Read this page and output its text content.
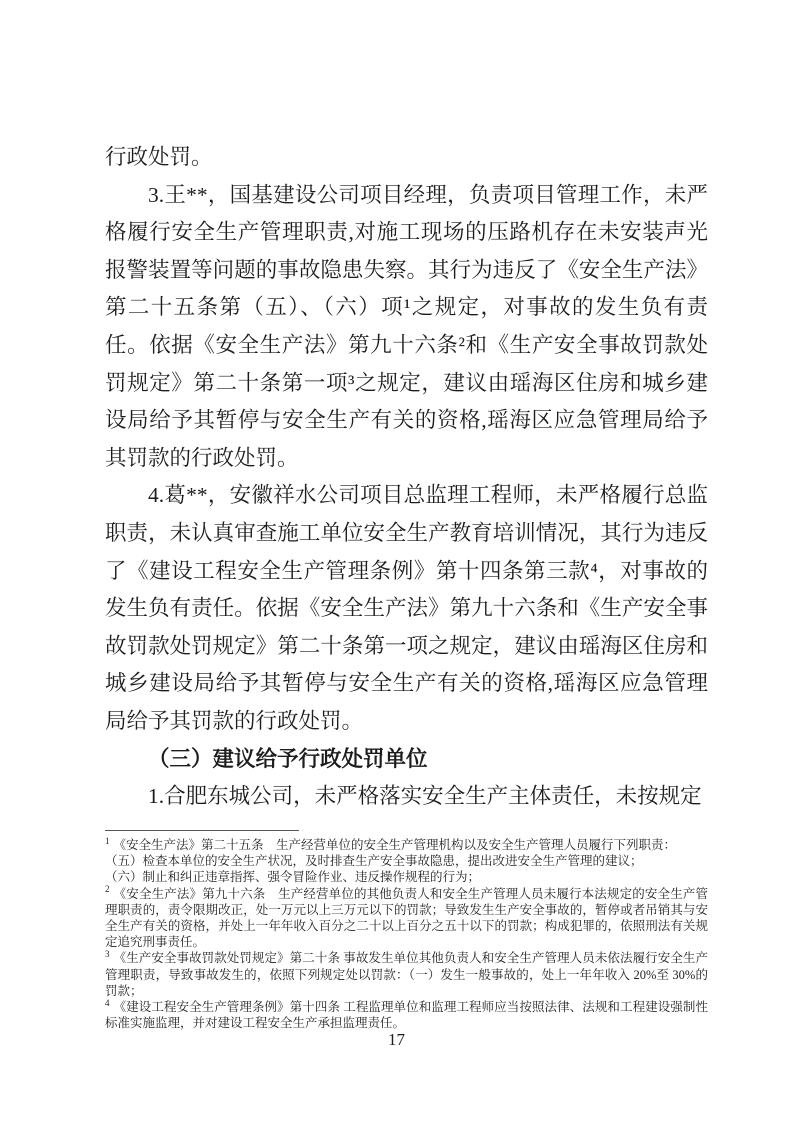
行政处罚。

3.王**，国基建设公司项目经理，负责项目管理工作，未严格履行安全生产管理职责,对施工现场的压路机存在未安装声光报警装置等问题的事故隐患失察。其行为违反了《安全生产法》第二十五条第（五）、（六）项¹之规定，对事故的发生负有责任。依据《安全生产法》第九十六条²和《生产安全事故罚款处罚规定》第二十条第一项³之规定，建议由瑶海区住房和城乡建设局给予其暂停与安全生产有关的资格,瑶海区应急管理局给予其罚款的行政处罚。

4.葛**，安徽祥水公司项目总监理工程师，未严格履行总监职责，未认真审查施工单位安全生产教育培训情况，其行为违反了《建设工程安全生产管理条例》第十四条第三款⁴，对事故的发生负有责任。依据《安全生产法》第九十六条和《生产安全事故罚款处罚规定》第二十条第一项之规定，建议由瑶海区住房和城乡建设局给予其暂停与安全生产有关的资格,瑶海区应急管理局给予其罚款的行政处罚。

（三）建议给予行政处罚单位

1.合肥东城公司，未严格落实安全生产主体责任，未按规定

$^1$ 《安全生产法》第二十五条　生产经营单位的安全生产管理机构以及安全生产管理人员履行下列职责：
（五）检查本单位的安全生产状况，及时排查生产安全事故隐患，提出改进安全生产管理的建议；
（六）制止和纠正违章指挥、强令冒险作业、违反操作规程的行为；
$^2$ 《安全生产法》第九十六条　生产经营单位的其他负责人和安全生产管理人员未履行本法规定的安全生产管理职责的，责令限期改正，处一万元以上三万元以下的罚款；导致发生生产安全事故的，暂停或者吊销其与安全生产有关的资格，并处上一年年收入百分之二十以上百分之五十以下的罚款；构成犯罪的，依照刑法有关规定追究刑事责任。
$^3$ 《生产安全事故罚款处罚规定》第二十条 事故发生单位其他负责人和安全生产管理人员未依法履行安全生产管理职责，导致事故发生的，依照下列规定处以罚款：（一）发生一般事故的，处上一年年收入 20%至 30%的罚款；
$^4$ 《建设工程安全生产管理条例》第十四条 工程监理单位和监理工程师应当按照法律、法规和工程建设强制性标准实施监理，并对建设工程安全生产承担监理责任。
17
